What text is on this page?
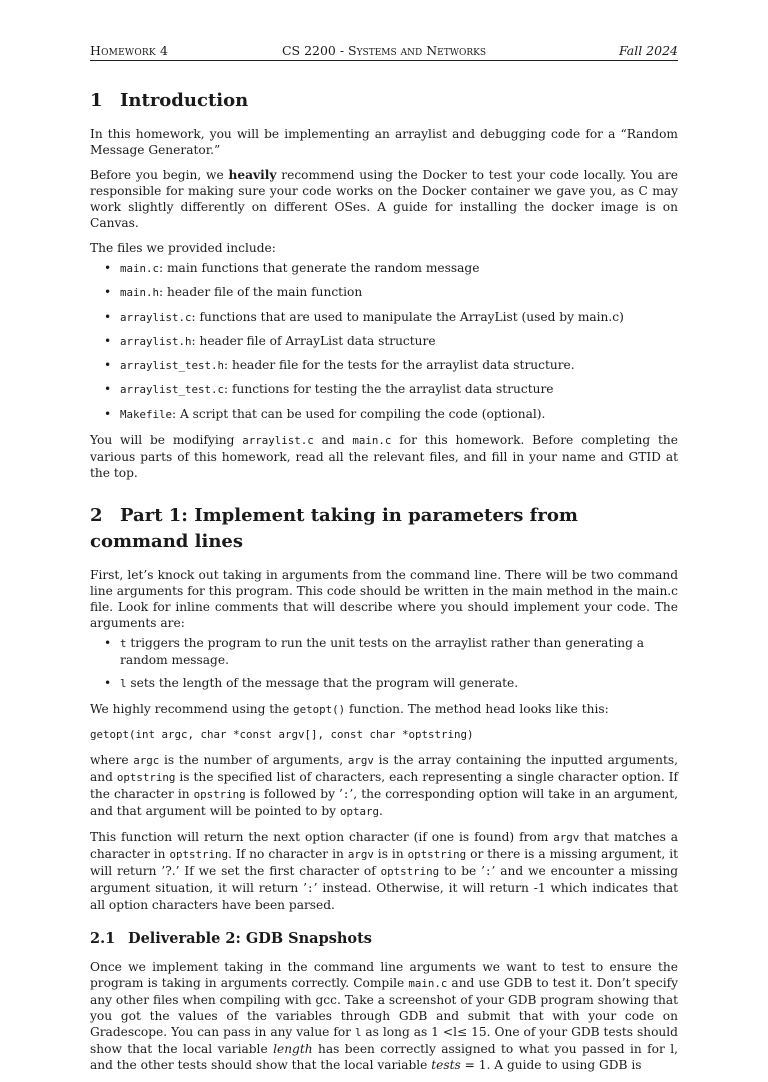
Homework 4	CS 2200 - Systems and Networks	Fall 2024
1 Introduction

In this homework, you will be implementing an arraylist and debugging code for a “Random Message Generator.”

Before you begin, we heavily recommend using the Docker to test your code locally. You are responsible for making sure your code works on the Docker container we gave you, as C may work slightly differently on different OSes. A guide for installing the docker image is on Canvas.

The files we provided include:

• main.c: main functions that generate the random message
• main.h: header file of the main function
• arraylist.c: functions that are used to manipulate the ArrayList (used by main.c)
• arraylist.h: header file of ArrayList data structure
• arraylist_test.h: header file for the tests for the arraylist data structure.
• arraylist_test.c: functions for testing the the arraylist data structure
• Makefile: A script that can be used for compiling the code (optional).

You will be modifying arraylist.c and main.c for this homework. Before completing the various parts of this homework, read all the relevant files, and fill in your name and GTID at the top.

2 Part 1: Implement taking in parameters from command lines

First, let’s knock out taking in arguments from the command line. There will be two command line arguments for this program. This code should be written in the main method in the main.c file. Look for inline comments that will describe where you should implement your code. The arguments are:

• t triggers the program to run the unit tests on the arraylist rather than generating a random message.
• l sets the length of the message that the program will generate.

We highly recommend using the getopt() function. The method head looks like this:

getopt(int argc, char *const argv[], const char *optstring)

where argc is the number of arguments, argv is the array containing the inputted arguments, and optstring is the specified list of characters, each representing a single character option. If the character in opstring is followed by ’:’, the corresponding option will take in an argument, and that argument will be pointed to by optarg.

This function will return the next option character (if one is found) from argv that matches a character in optstring. If no character in argv is in optstring or there is a missing argument, it will return ’?.’ If we set the first character of optstring to be ’:’ and we encounter a missing argument situation, it will return ’:’ instead. Otherwise, it will return -1 which indicates that all option characters have been parsed.

2.1 Deliverable 2: GDB Snapshots

Once we implement taking in the command line arguments we want to test to ensure the program is taking in arguments correctly. Compile main.c and use GDB to test it. Don’t specify any other files when compiling with gcc. Take a screenshot of your GDB program showing that you got the values of the variables through GDB and submit that with your code on Gradescope. You can pass in any value for l as long as 1 <l≤ 15. One of your GDB tests should show that the local variable length has been correctly assigned to what you passed in for l, and the other tests should show that the local variable tests = 1. A guide to using GDB is
